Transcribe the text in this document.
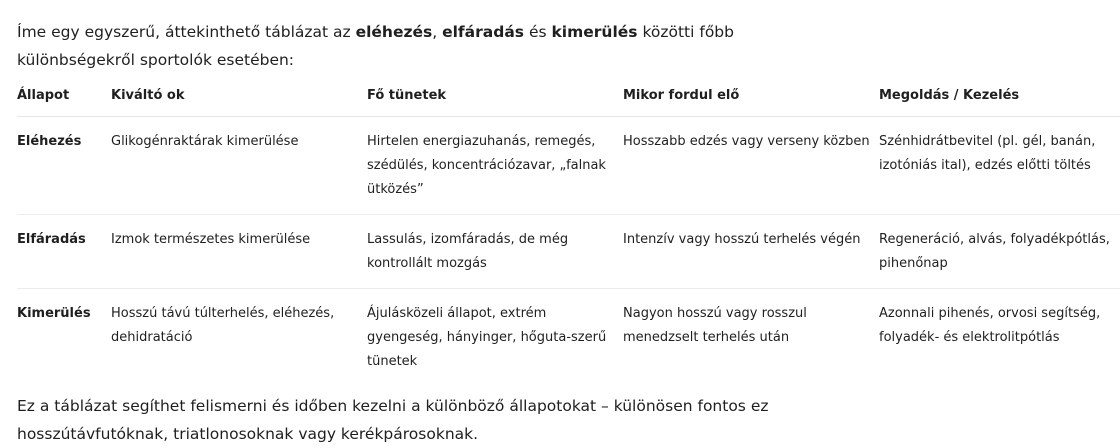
Íme egy egyszerű, áttekinthető táblázat az eléhezés, elfáradás és kimerülés közötti főbb különbségekről sportolók esetében:

Állapot	Kiváltó ok	Fő tünetek	Mikor fordul elő	Megoldás / Kezelés
Eléhezés	Glikogénraktárak kimerülése	Hirtelen energiazuhanás, remegés, szédülés, koncentrációzavar, „falnak ütközés”	Hosszabb edzés vagy verseny közben	Szénhidrátbevitel (pl. gél, banán, izotóniás ital), edzés előtti töltés
Elfáradás	Izmok természetes kimerülése	Lassulás, izomfáradás, de még kontrollált mozgás	Intenzív vagy hosszú terhelés végén	Regeneráció, alvás, folyadékpótlás, pihenőnap
Kimerülés	Hosszú távú túlterhelés, eléhezés, dehidratáció	Ájulásközeli állapot, extrém gyengeség, hányinger, hőguta-szerű tünetek	Nagyon hosszú vagy rosszul menedzselt terhelés után	Azonnali pihenés, orvosi segítség, folyadék- és elektrolitpótlás

Ez a táblázat segíthet felismerni és időben kezelni a különböző állapotokat – különösen fontos ez hosszútávfutóknak, triatlonosoknak vagy kerékpárosoknak.
